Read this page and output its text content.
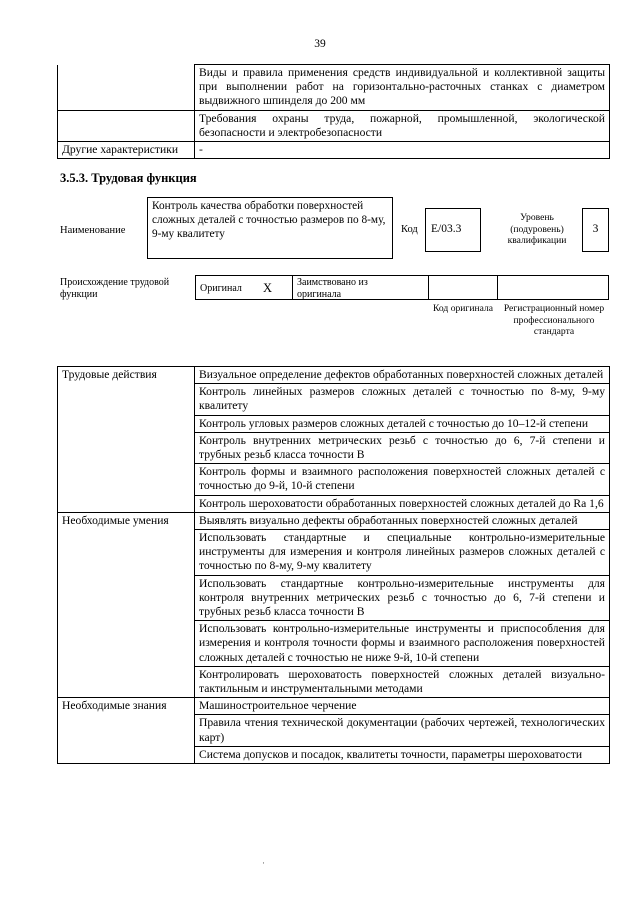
39
	Виды и правила применения средств индивидуальной и коллективной защиты при выполнении работ на горизонтально-расточных станках с диаметром выдвижного шпинделя до 200 мм
	Требования охраны труда, пожарной, промышленной, экологической безопасности и электробезопасности
Другие характеристики	-
3.5.3. Трудовая функция
Наименование
Контроль качества обработки поверхностей сложных деталей с точностью размеров по 8-му, 9-му квалитету	Код E/03.3
Уровень (подуровень) квалификации
3
Происхождение трудовой функции
Оригинал X Заимствовано из оригинала
Код оригинала	Регистрационный номер профессионального стандарта
Трудовые действия	Визуальное определение дефектов обработанных поверхностей сложных деталей
	Контроль линейных размеров сложных деталей с точностью по 8-му, 9-му квалитету
	Контроль угловых размеров сложных деталей с точностью до 10–12-й степени
	Контроль внутренних метрических резьб с точностью до 6, 7-й степени и трубных резьб класса точности В
	Контроль формы и взаимного расположения поверхностей сложных деталей с точностью до 9-й, 10-й степени
	Контроль шероховатости обработанных поверхностей сложных деталей до Ra 1,6
Необходимые умения	Выявлять визуально дефекты обработанных поверхностей сложных деталей
	Использовать стандартные и специальные контрольно-измерительные инструменты для измерения и контроля линейных размеров сложных деталей с точностью по 8-му, 9-му квалитету
	Использовать стандартные контрольно-измерительные инструменты для контроля внутренних метрических резьб с точностью до 6, 7-й степени и трубных резьб класса точности В
	Использовать контрольно-измерительные инструменты и приспособления для измерения и контроля точности формы и взаимного расположения поверхностей сложных деталей с точностью не ниже 9-й, 10-й степени
	Контролировать шероховатость поверхностей сложных деталей визуально-тактильным и инструментальными методами
Необходимые знания	Машиностроительное черчение
	Правила чтения технической документации (рабочих чертежей, технологических карт)
	Система допусков и посадок, квалитеты точности, параметры шероховатости
·
